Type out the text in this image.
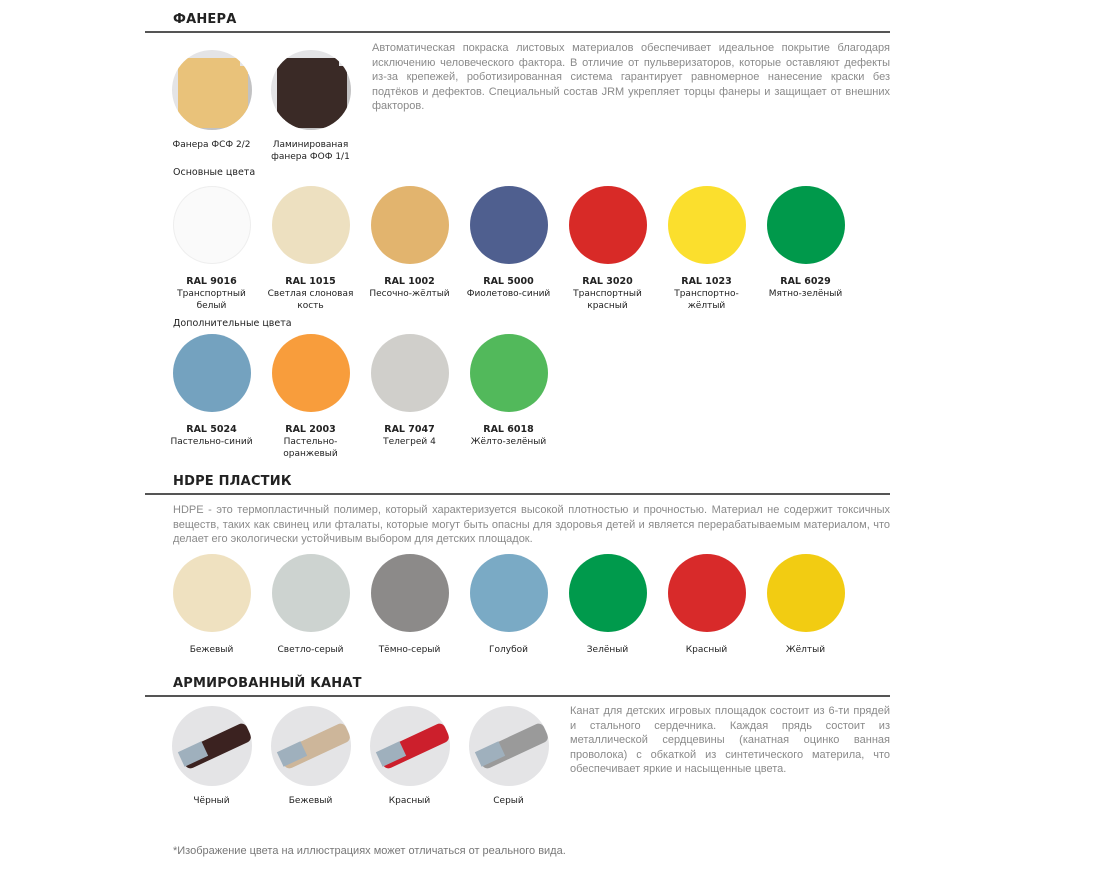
ФАНЕРА
Автоматическая покраска листовых материалов обеспечивает идеальное покрытие благодаря исключению человеческого фактора. В отличие от пульверизаторов, которые оставляют дефекты из-за крепежей, роботизированная система гарантирует равномерное нанесение краски без подтёков и дефектов. Специальный состав JRM укрепляет торцы фанеры и защищает от внешних факторов.
Фанера ФСФ 2/2	Ламинированая фанера ФОФ 1/1
Основные цвета
RAL 9016
Транспортный белый
RAL 1015
Светлая слоновая кость
RAL 1002
Песочно-жёлтый
RAL 5000
Фиолетово-синий
RAL 3020
Транспортный красный
RAL 1023
Транспортно-жёлтый
RAL 6029
Мятно-зелёный
Дополнительные цвета
RAL 5024
Пастельно-синий
RAL 2003
Пастельно-оранжевый
RAL 7047
Телегрей 4
RAL 6018
Жёлто-зелёный
HDPE ПЛАСТИК
HDPE - это термопластичный полимер, который характеризуется высокой плотностью и прочностью. Материал не содержит токсичных веществ, таких как свинец или фталаты, которые могут быть опасны для здоровья детей и является перерабатываемым материалом, что делает его экологически устойчивым выбором для детских площадок.
Бежевый	Светло-серый	Тёмно-серый	Голубой	Зелёный	Красный	Жёлтый
АРМИРОВАННЫЙ КАНАТ
Канат для детских игровых площадок состоит из 6-ти прядей и стального сердечника. Каждая прядь состоит из металлической сердцевины (канатная оцинко ванная проволока) с обкаткой из синтетического материла, что обеспечивает яркие и насыщенные цвета.
Чёрный	Бежевый	Красный	Серый
*Изображение цвета на иллюстрациях может отличаться от реального вида.
